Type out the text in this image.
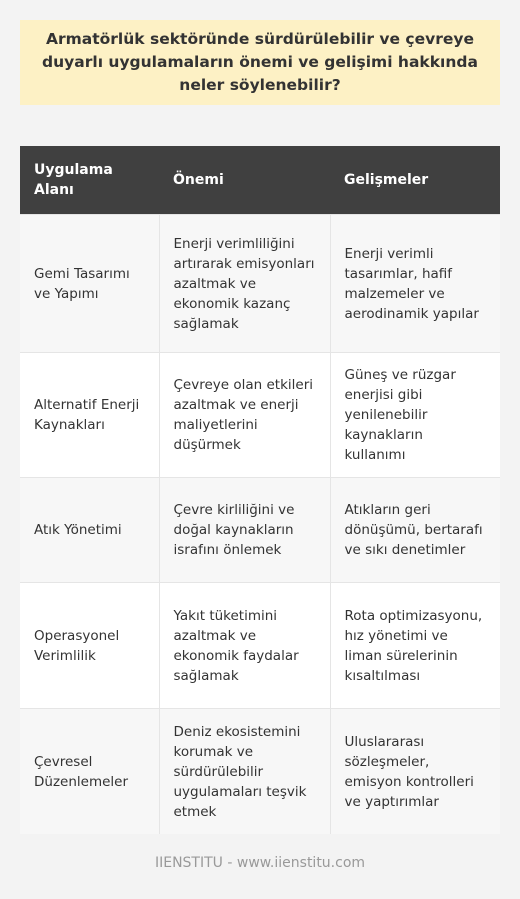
Armatörlük sektöründe sürdürülebilir ve çevreye duyarlı uygulamaların önemi ve gelişimi hakkında neler söylenebilir?
Uygulama Alanı	Önemi	Gelişmeler
Gemi Tasarımı ve Yapımı	Enerji verimliliğini artırarak emisyonları azaltmak ve ekonomik kazanç sağlamak	Enerji verimli tasarımlar, hafif malzemeler ve aerodinamik yapılar
Alternatif Enerji Kaynakları	Çevreye olan etkileri azaltmak ve enerji maliyetlerini düşürmek	Güneş ve rüzgar enerjisi gibi yenilenebilir kaynakların kullanımı
Atık Yönetimi	Çevre kirliliğini ve doğal kaynakların israfını önlemek	Atıkların geri dönüşümü, bertarafı ve sıkı denetimler
Operasyonel Verimlilik	Yakıt tüketimini azaltmak ve ekonomik faydalar sağlamak	Rota optimizasyonu, hız yönetimi ve liman sürelerinin kısaltılması
Çevresel Düzenlemeler	Deniz ekosistemini korumak ve sürdürülebilir uygulamaları teşvik etmek	Uluslararası sözleşmeler, emisyon kontrolleri ve yaptırımlar
IIENSTITU - www.iienstitu.com
